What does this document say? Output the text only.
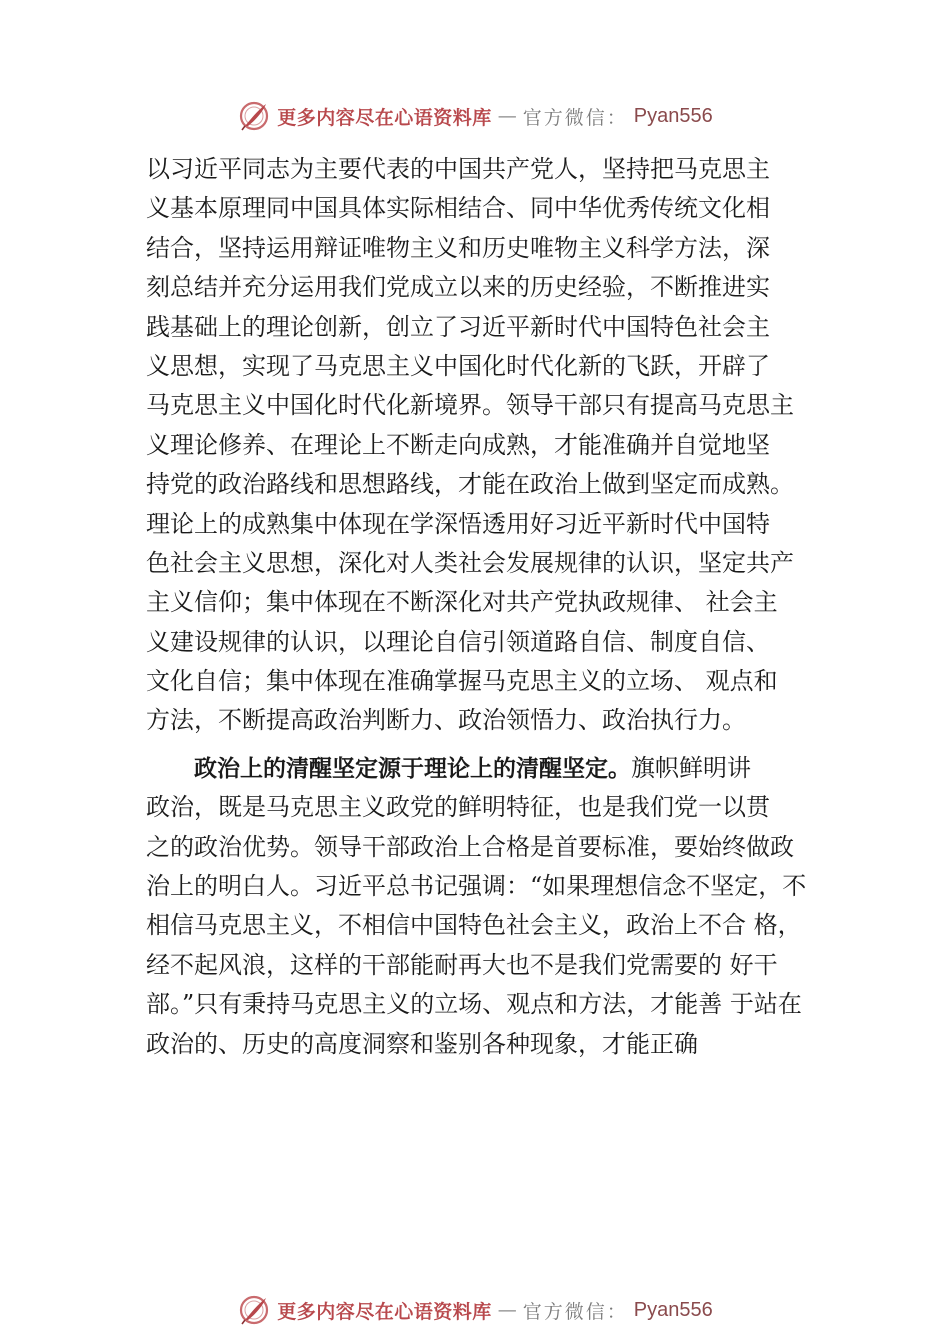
更多内容尽在心语资料库 — 官方微信： Pyan556
以习近平同志为主要代表的中国共产党人，坚持把马克思主
义基本原理同中国具体实际相结合、同中华优秀传统文化相
结合，坚持运用辩证唯物主义和历史唯物主义科学方法，深
刻总结并充分运用我们党成立以来的历史经验，不断推进实
践基础上的理论创新，创立了习近平新时代中国特色社会主
义思想，实现了马克思主义中国化时代化新的飞跃，开辟了
马克思主义中国化时代化新境界。领导干部只有提高马克思主
义理论修养、在理论上不断走向成熟，才能准确并自觉地坚
持党的政治路线和思想路线，才能在政治上做到坚定而成熟。
理论上的成熟集中体现在学深悟透用好习近平新时代中国特
色社会主义思想，深化对人类社会发展规律的认识，坚定共产
主义信仰；集中体现在不断深化对共产党执政规律、 社会主
义建设规律的认识，以理论自信引领道路自信、制度自信、
文化自信；集中体现在准确掌握马克思主义的立场、 观点和
方法，不断提高政治判断力、政治领悟力、政治执行力。
政治上的清醒坚定源于理论上的清醒坚定。旗帜鲜明讲
政治，既是马克思主义政党的鲜明特征，也是我们党一以贯
之的政治优势。领导干部政治上合格是首要标准，要始终做政
治上的明白人。习近平总书记强调：“如果理想信念不坚定，不
相信马克思主义，不相信中国特色社会主义，政治上不合 格，
经不起风浪，这样的干部能耐再大也不是我们党需要的 好干
部。”只有秉持马克思主义的立场、观点和方法，才能善 于站在
政治的、历史的高度洞察和鉴别各种现象，才能正确
更多内容尽在心语资料库 — 官方微信： Pyan556
